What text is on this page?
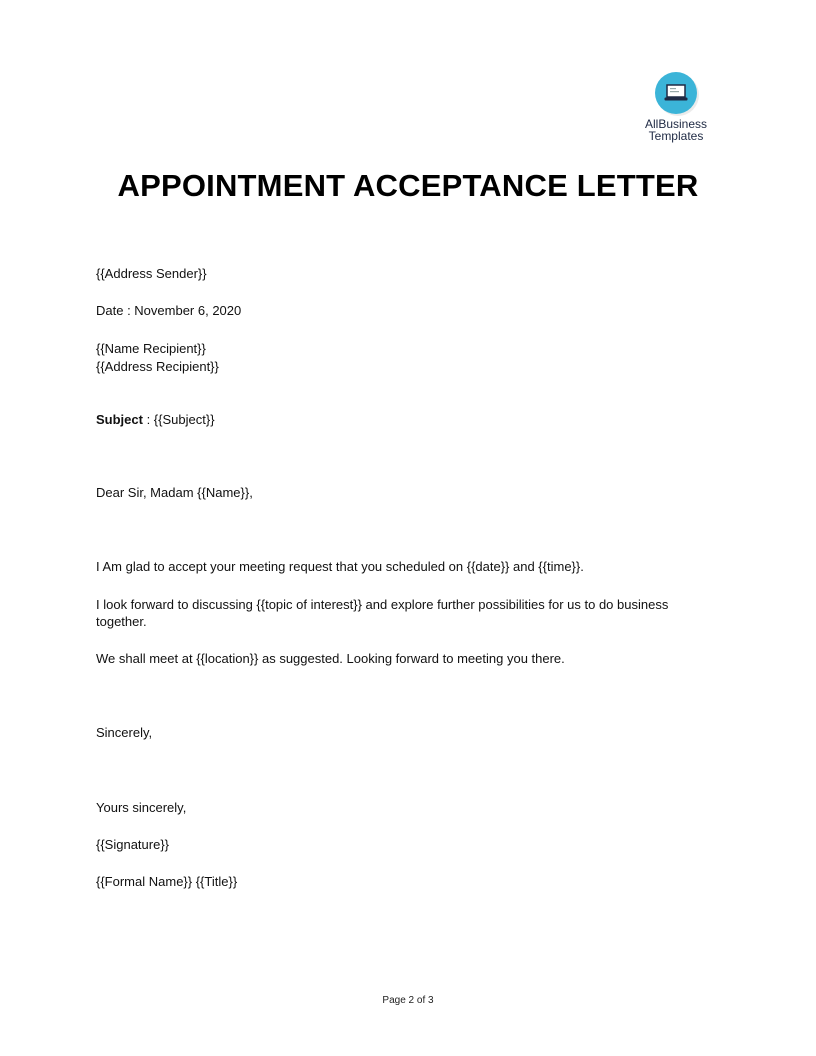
AllBusiness
Templates
APPOINTMENT ACCEPTANCE LETTER
{{Address Sender}}
Date : November 6, 2020
{{Name Recipient}}
{{Address Recipient}}
Subject : {{Subject}}
Dear Sir, Madam {{Name}},
I Am glad to accept your meeting request that you scheduled on {{date}} and {{time}}.
I look forward to discussing {{topic of interest}} and explore further possibilities for us to do business together.
We shall meet at {{location}} as suggested. Looking forward to meeting you there.
Sincerely,
Yours sincerely,
{{Signature}}
{{Formal Name}} {{Title}}
Page 2 of 3
